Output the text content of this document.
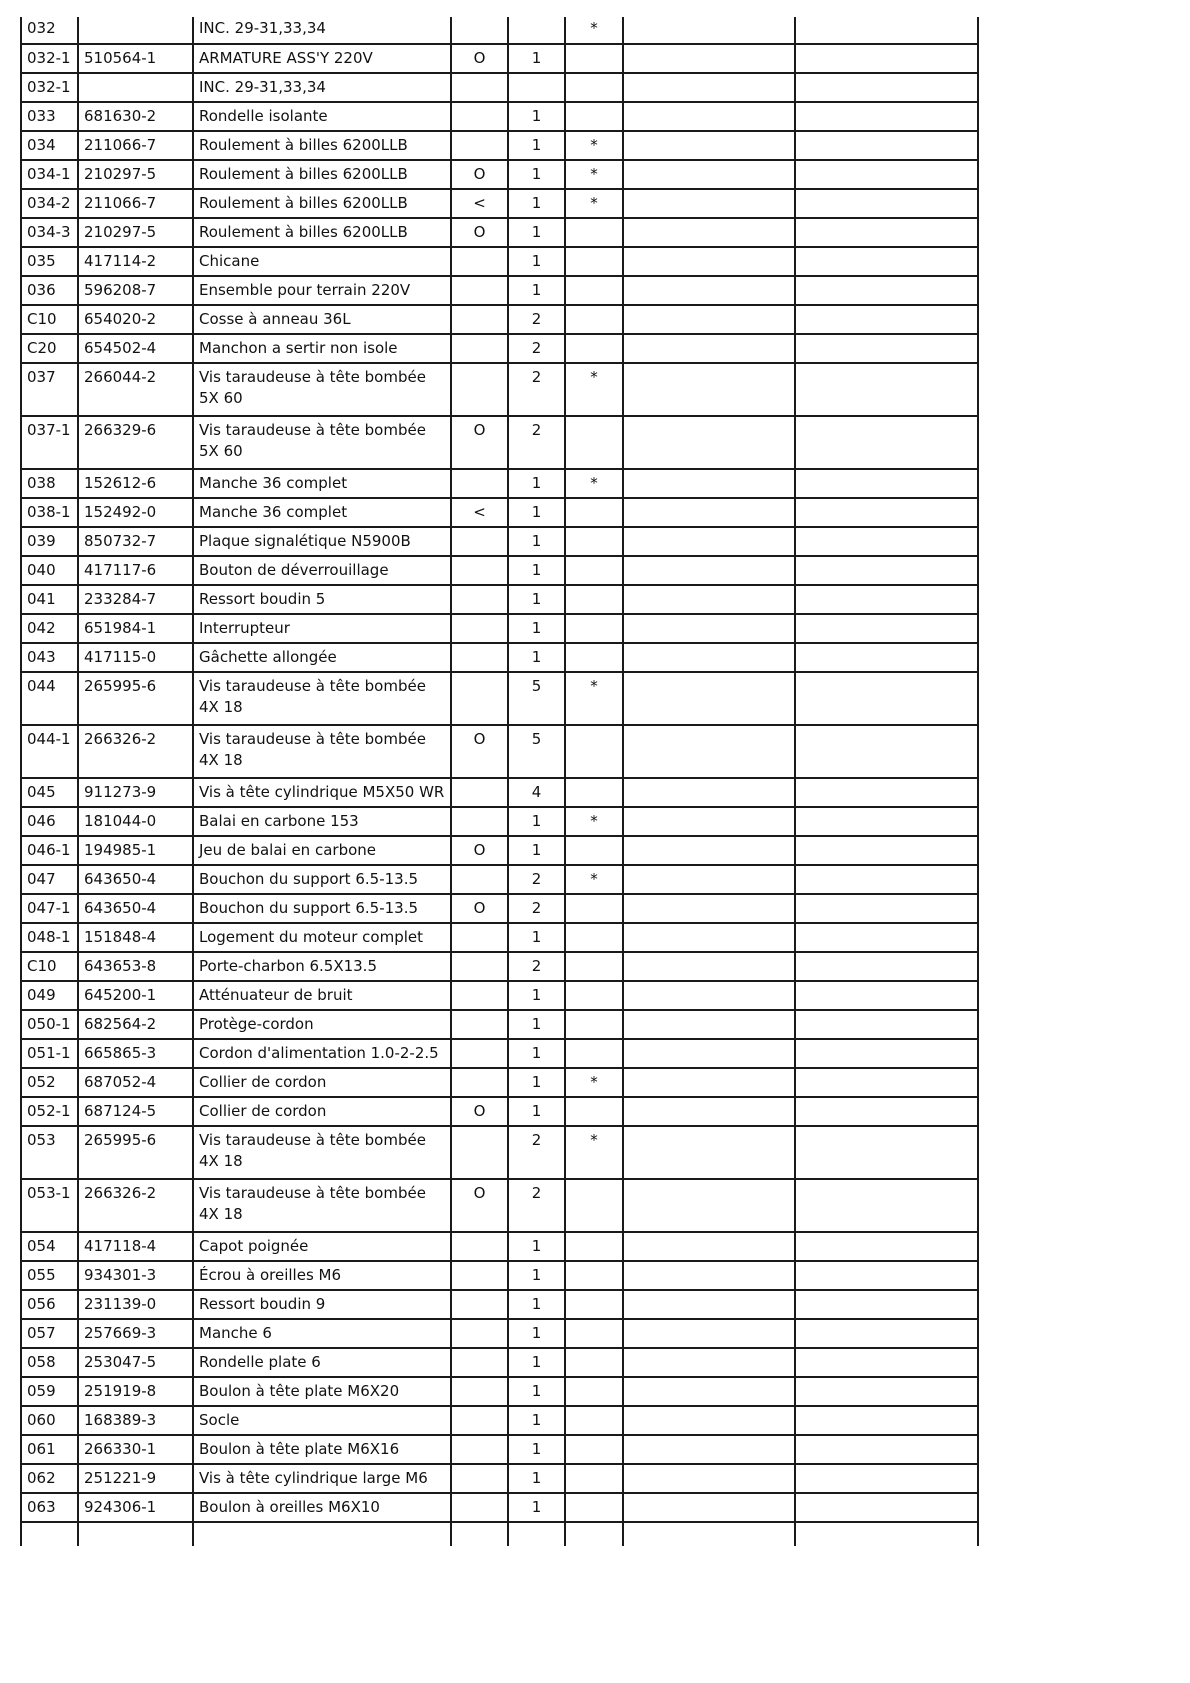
032		INC. 29-31,33,34			*		
032-1	510564-1	ARMATURE ASS'Y 220V	O	1			
032-1		INC. 29-31,33,34					
033	681630-2	Rondelle isolante		1			
034	211066-7	Roulement à billes 6200LLB		1	*		
034-1	210297-5	Roulement à billes 6200LLB	O	1	*		
034-2	211066-7	Roulement à billes 6200LLB	<	1	*		
034-3	210297-5	Roulement à billes 6200LLB	O	1			
035	417114-2	Chicane		1			
036	596208-7	Ensemble pour terrain 220V		1			
C10	654020-2	Cosse à anneau 36L		2			
C20	654502-4	Manchon a sertir non isole		2			
037	266044-2	Vis taraudeuse à tête bombée 5X 60		2	*		
037-1	266329-6	Vis taraudeuse à tête bombée 5X 60	O	2			
038	152612-6	Manche 36 complet		1	*		
038-1	152492-0	Manche 36 complet	<	1			
039	850732-7	Plaque signalétique N5900B		1			
040	417117-6	Bouton de déverrouillage		1			
041	233284-7	Ressort boudin 5		1			
042	651984-1	Interrupteur		1			
043	417115-0	Gâchette allongée		1			
044	265995-6	Vis taraudeuse à tête bombée 4X 18		5	*		
044-1	266326-2	Vis taraudeuse à tête bombée 4X 18	O	5			
045	911273-9	Vis à tête cylindrique M5X50 WR		4			
046	181044-0	Balai en carbone 153		1	*		
046-1	194985-1	Jeu de balai en carbone	O	1			
047	643650-4	Bouchon du support 6.5-13.5		2	*		
047-1	643650-4	Bouchon du support 6.5-13.5	O	2			
048-1	151848-4	Logement du moteur complet		1			
C10	643653-8	Porte-charbon 6.5X13.5		2			
049	645200-1	Atténuateur de bruit		1			
050-1	682564-2	Protège-cordon		1			
051-1	665865-3	Cordon d'alimentation 1.0-2-2.5		1			
052	687052-4	Collier de cordon		1	*		
052-1	687124-5	Collier de cordon	O	1			
053	265995-6	Vis taraudeuse à tête bombée 4X 18		2	*		
053-1	266326-2	Vis taraudeuse à tête bombée 4X 18	O	2			
054	417118-4	Capot poignée		1			
055	934301-3	Écrou à oreilles M6		1			
056	231139-0	Ressort boudin 9		1			
057	257669-3	Manche 6		1			
058	253047-5	Rondelle plate 6		1			
059	251919-8	Boulon à tête plate M6X20		1			
060	168389-3	Socle		1			
061	266330-1	Boulon à tête plate M6X16		1			
062	251221-9	Vis à tête cylindrique large M6		1			
063	924306-1	Boulon à oreilles M6X10		1			
